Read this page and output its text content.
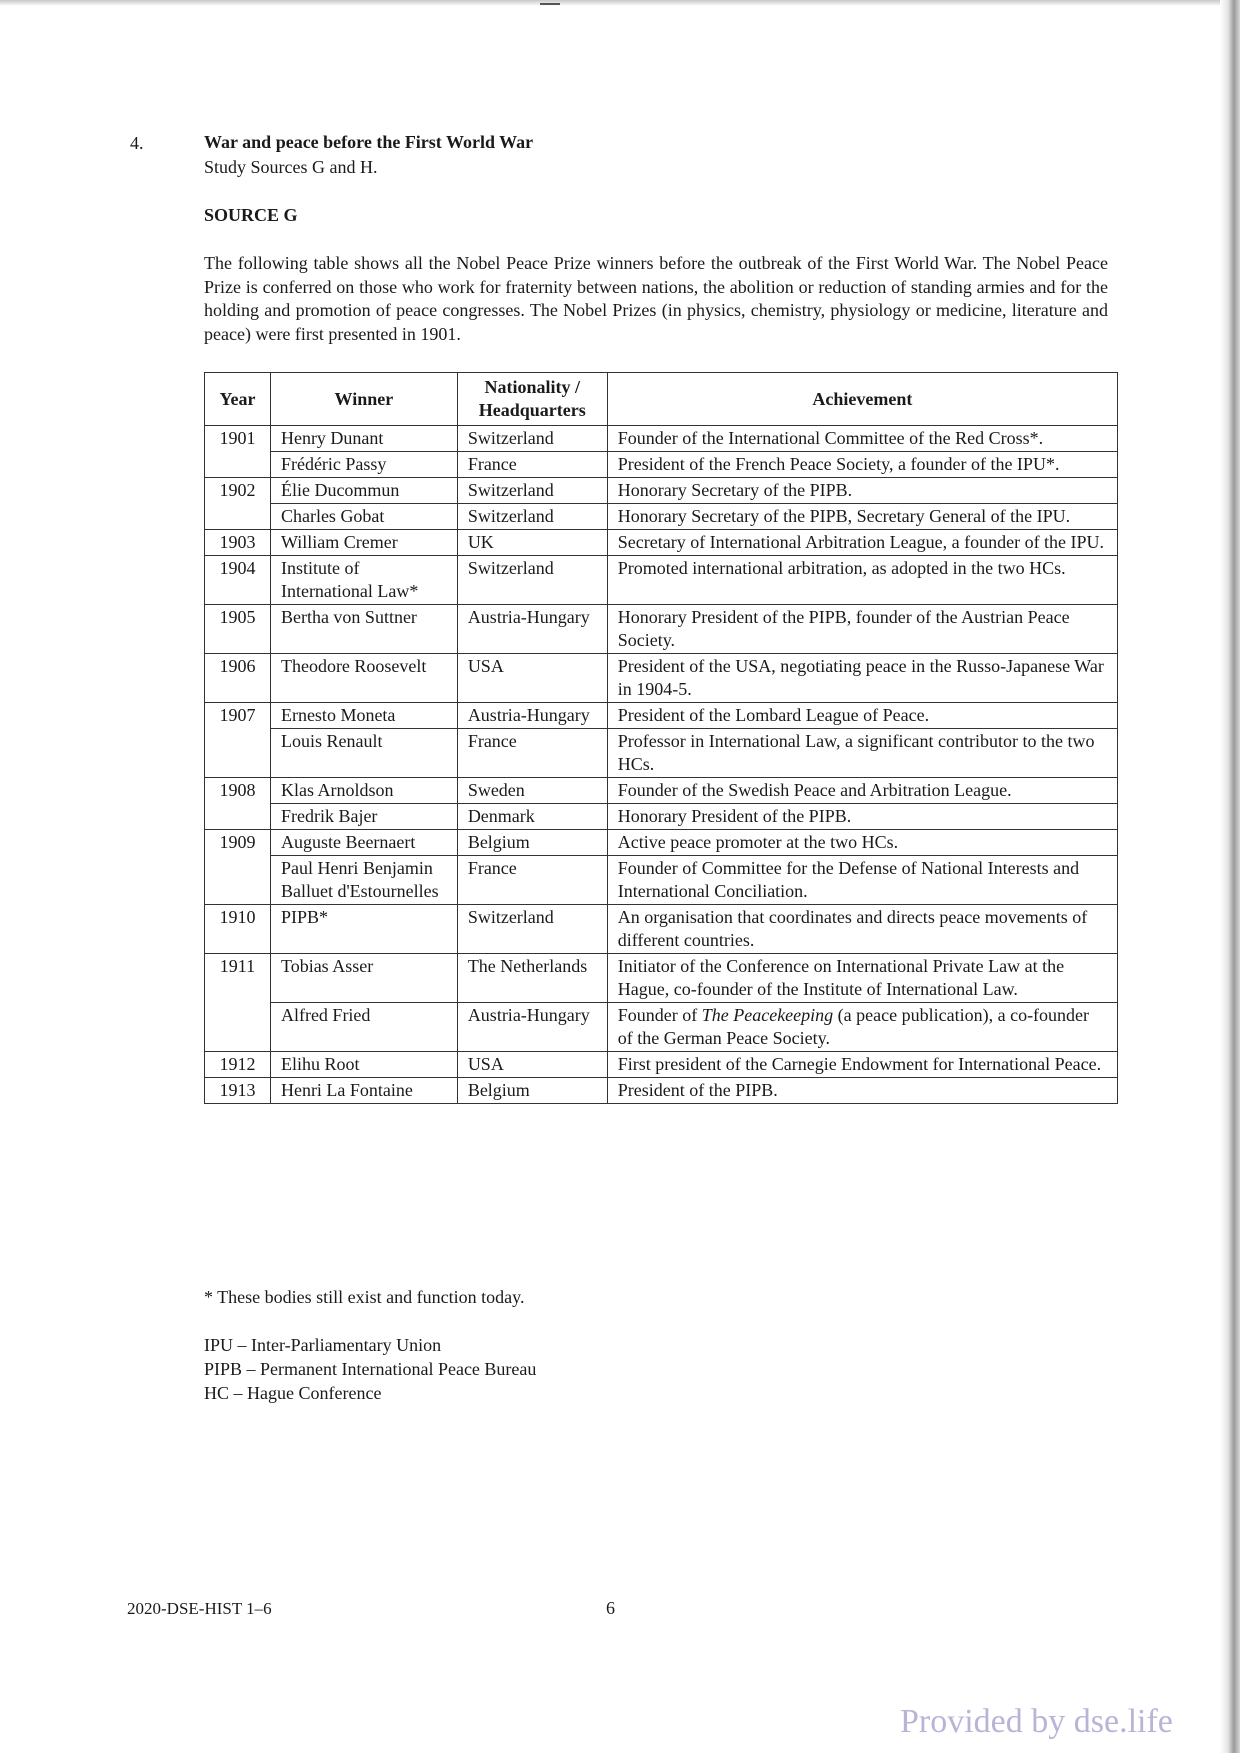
4.	War and peace before the First World War
Study Sources G and H.
SOURCE G

The following table shows all the Nobel Peace Prize winners before the outbreak of the First World War. The Nobel Peace Prize is conferred on those who work for fraternity between nations, the abolition or reduction of standing armies and for the holding and promotion of peace congresses. The Nobel Prizes (in physics, chemistry, physiology or medicine, literature and peace) were first presented in 1901.

Year	Winner	Nationality / Headquarters	Achievement
1901	Henry Dunant	Switzerland	Founder of the International Committee of the Red Cross*.
	Frédéric Passy	France	President of the French Peace Society, a founder of the IPU*.
1902	Élie Ducommun	Switzerland	Honorary Secretary of the PIPB.
	Charles Gobat	Switzerland	Honorary Secretary of the PIPB, Secretary General of the IPU.
1903	William Cremer	UK	Secretary of International Arbitration League, a founder of the IPU.
1904	Institute of International Law*	Switzerland	Promoted international arbitration, as adopted in the two HCs.
1905	Bertha von Suttner	Austria-Hungary	Honorary President of the PIPB, founder of the Austrian Peace Society.
1906	Theodore Roosevelt	USA	President of the USA, negotiating peace in the Russo-Japanese War in 1904-5.
1907	Ernesto Moneta	Austria-Hungary	President of the Lombard League of Peace.
	Louis Renault	France	Professor in International Law, a significant contributor to the two HCs.
1908	Klas Arnoldson	Sweden	Founder of the Swedish Peace and Arbitration League.
	Fredrik Bajer	Denmark	Honorary President of the PIPB.
1909	Auguste Beernaert	Belgium	Active peace promoter at the two HCs.
	Paul Henri Benjamin Balluet d'Estournelles	France	Founder of Committee for the Defense of National Interests and International Conciliation.
1910	PIPB*	Switzerland	An organisation that coordinates and directs peace movements of different countries.
1911	Tobias Asser	The Netherlands	Initiator of the Conference on International Private Law at the Hague, co-founder of the Institute of International Law.
	Alfred Fried	Austria-Hungary	Founder of The Peacekeeping (a peace publication), a co-founder of the German Peace Society.
1912	Elihu Root	USA	First president of the Carnegie Endowment for International Peace.
1913	Henri La Fontaine	Belgium	President of the PIPB.
* These bodies still exist and function today.
IPU – Inter-Parliamentary Union
PIPB – Permanent International Peace Bureau
HC – Hague Conference
2020-DSE-HIST 1–6	6
Provided by dse.life
